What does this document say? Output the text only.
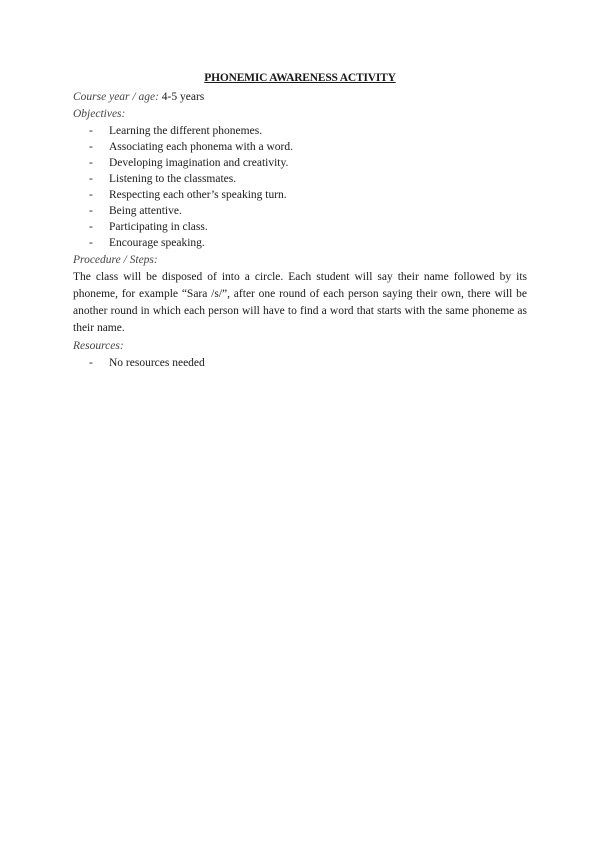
PHONEMIC AWARENESS ACTIVITY
Course year / age: 4-5 years
Objectives:
- Learning the different phonemes.
- Associating each phonema with a word.
- Developing imagination and creativity.
- Listening to the classmates.
- Respecting each other’s speaking turn.
- Being attentive.
- Participating in class.
- Encourage speaking.
Procedure / Steps:
The class will be disposed of into a circle. Each student will say their name followed by its phoneme, for example “Sara /s/”, after one round of each person saying their own, there will be another round in which each person will have to find a word that starts with the same phoneme as their name.
Resources:
- No resources needed
